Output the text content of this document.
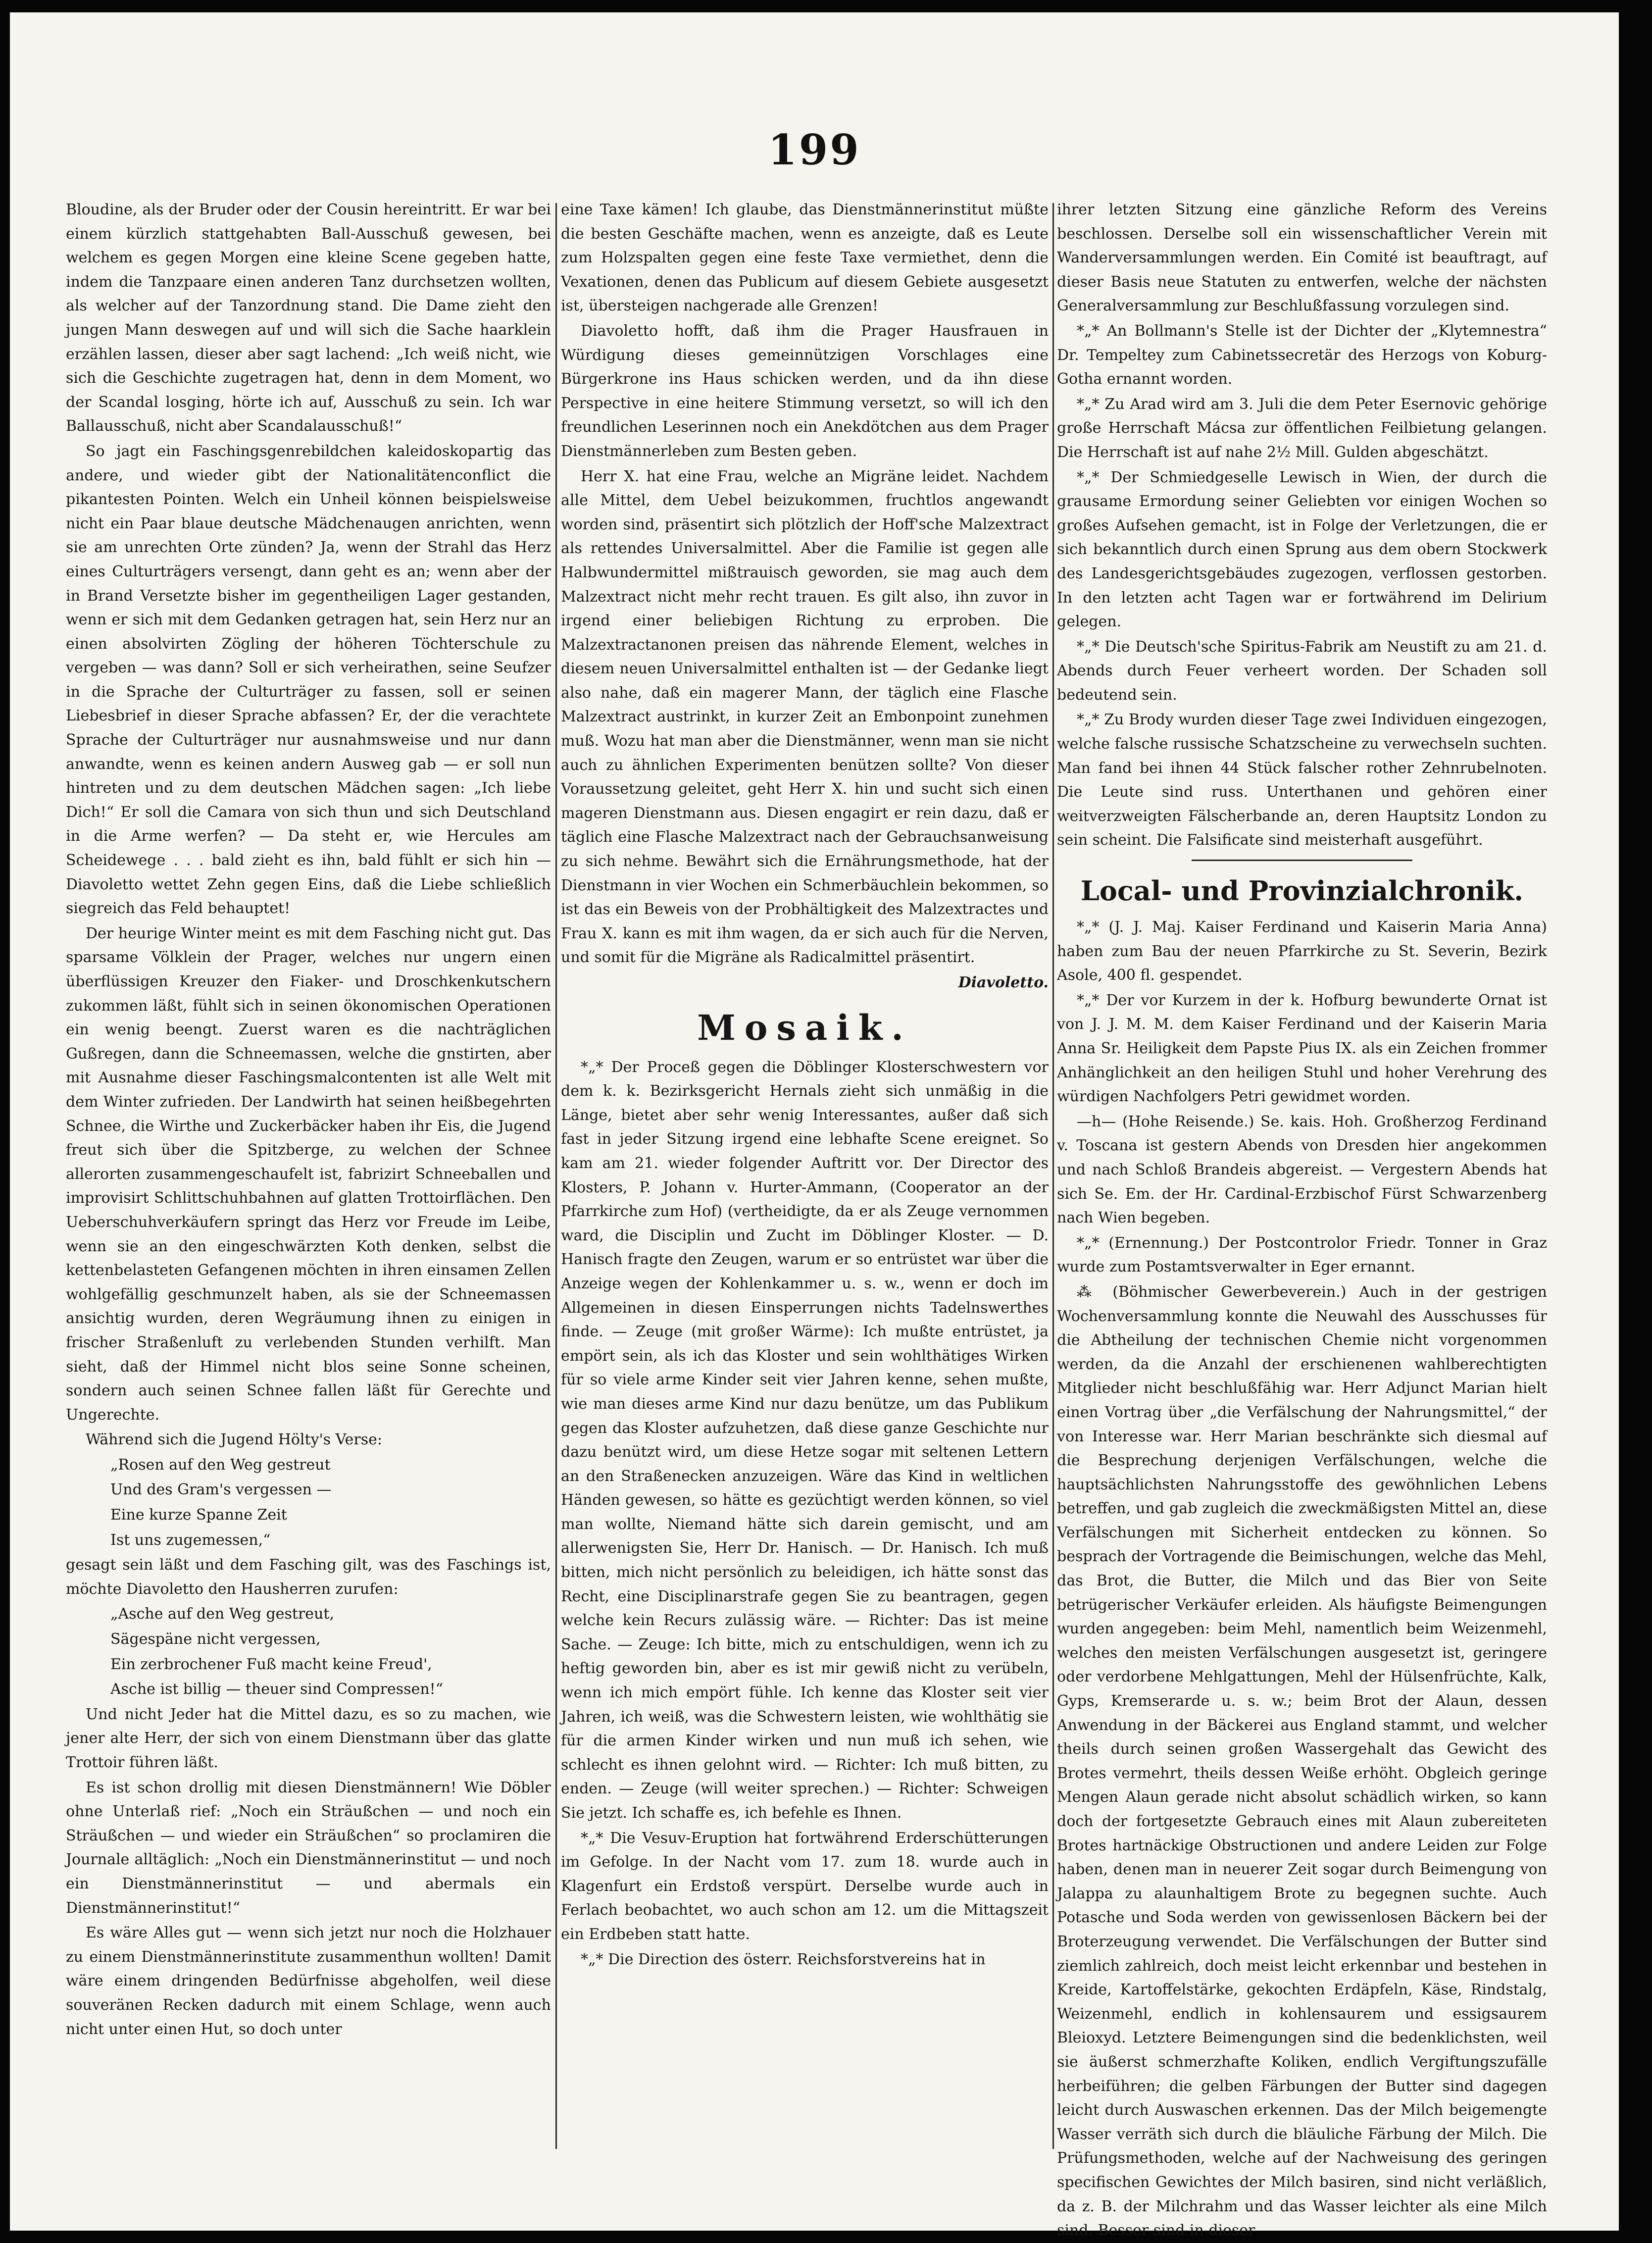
199

Bloudine, als der Bruder oder der Cousin hereintritt. Er war bei einem kürzlich stattgehabten Ball-Ausschuß gewesen, bei welchem es gegen Morgen eine kleine Scene gegeben hatte, indem die Tanzpaare einen anderen Tanz durchsetzen wollten, als welcher auf der Tanzordnung stand. Die Dame zieht den jungen Mann deswegen auf und will sich die Sache haarklein erzählen lassen, dieser aber sagt lachend: „Ich weiß nicht, wie sich die Geschichte zugetragen hat, denn in dem Moment, wo der Scandal losging, hörte ich auf, Ausschuß zu sein. Ich war Ballausschuß, nicht aber Scandalausschuß!“

So jagt ein Faschingsgenrebildchen kaleidoskopartig das andere, und wieder gibt der Nationalitätenconflict die pikantesten Pointen. Welch ein Unheil können beispielsweise nicht ein Paar blaue deutsche Mädchenaugen anrichten, wenn sie am unrechten Orte zünden? Ja, wenn der Strahl das Herz eines Culturträgers versengt, dann geht es an; wenn aber der in Brand Versetzte bisher im gegentheiligen Lager gestanden, wenn er sich mit dem Gedanken getragen hat, sein Herz nur an einen absolvirten Zögling der höheren Töchterschule zu vergeben — was dann? Soll er sich verheirathen, seine Seufzer in die Sprache der Culturträger zu fassen, soll er seinen Liebesbrief in dieser Sprache abfassen? Er, der die verachtete Sprache der Culturträger nur ausnahmsweise und nur dann anwandte, wenn es keinen andern Ausweg gab — er soll nun hintreten und zu dem deutschen Mädchen sagen: „Ich liebe Dich!“ Er soll die Camara von sich thun und sich Deutschland in die Arme werfen? — Da steht er, wie Hercules am Scheidewege . . . bald zieht es ihn, bald fühlt er sich hin — Diavoletto wettet Zehn gegen Eins, daß die Liebe schließlich siegreich das Feld behauptet!

Der heurige Winter meint es mit dem Fasching nicht gut. Das sparsame Völklein der Prager, welches nur ungern einen überflüssigen Kreuzer den Fiaker- und Droschkenkutschern zukommen läßt, fühlt sich in seinen ökonomischen Operationen ein wenig beengt. Zuerst waren es die nachträglichen Gußregen, dann die Schneemassen, welche die gnstirten, aber mit Ausnahme dieser Faschingsmalcontenten ist alle Welt mit dem Winter zufrieden. Der Landwirth hat seinen heißbegehrten Schnee, die Wirthe und Zuckerbäcker haben ihr Eis, die Jugend freut sich über die Spitzberge, zu welchen der Schnee allerorten zusammengeschaufelt ist, fabrizirt Schneeballen und improvisirt Schlittschuhbahnen auf glatten Trottoirflächen. Den Ueberschuhverkäufern springt das Herz vor Freude im Leibe, wenn sie an den eingeschwärzten Koth denken, selbst die kettenbelasteten Gefangenen möchten in ihren einsamen Zellen wohlgefällig geschmunzelt haben, als sie der Schneemassen ansichtig wurden, deren Wegräumung ihnen zu einigen in frischer Straßenluft zu verlebenden Stunden verhilft. Man sieht, daß der Himmel nicht blos seine Sonne scheinen, sondern auch seinen Schnee fallen läßt für Gerechte und Ungerechte.

Während sich die Jugend Hölty's Verse:

„Rosen auf den Weg gestreut

Und des Gram's vergessen —

Eine kurze Spanne Zeit

Ist uns zugemessen,“

gesagt sein läßt und dem Fasching gilt, was des Faschings ist, möchte Diavoletto den Hausherren zurufen:

„Asche auf den Weg gestreut,

Sägespäne nicht vergessen,

Ein zerbrochener Fuß macht keine Freud',

Asche ist billig — theuer sind Compressen!“

Und nicht Jeder hat die Mittel dazu, es so zu machen, wie jener alte Herr, der sich von einem Dienstmann über das glatte Trottoir führen läßt.

Es ist schon drollig mit diesen Dienstmännern! Wie Döbler ohne Unterlaß rief: „Noch ein Sträußchen — und noch ein Sträußchen — und wieder ein Sträußchen“ so proclamiren die Journale alltäglich: „Noch ein Dienstmännerinstitut — und noch ein Dienstmännerinstitut — und abermals ein Dienstmännerinstitut!“

Es wäre Alles gut — wenn sich jetzt nur noch die Holzhauer zu einem Dienstmännerinstitute zusammenthun wollten! Damit wäre einem dringenden Bedürfnisse abgeholfen, weil diese souveränen Recken dadurch mit einem Schlage, wenn auch nicht unter einen Hut, so doch unter

eine Taxe kämen! Ich glaube, das Dienstmännerinstitut müßte die besten Geschäfte machen, wenn es anzeigte, daß es Leute zum Holzspalten gegen eine feste Taxe vermiethet, denn die Vexationen, denen das Publicum auf diesem Gebiete ausgesetzt ist, übersteigen nachgerade alle Grenzen!

Diavoletto hofft, daß ihm die Prager Hausfrauen in Würdigung dieses gemeinnützigen Vorschlages eine Bürgerkrone ins Haus schicken werden, und da ihn diese Perspective in eine heitere Stimmung versetzt, so will ich den freundlichen Leserinnen noch ein Anekdötchen aus dem Prager Dienstmännerleben zum Besten geben.

Herr X. hat eine Frau, welche an Migräne leidet. Nachdem alle Mittel, dem Uebel beizukommen, fruchtlos angewandt worden sind, präsentirt sich plötzlich der Hoff'sche Malzextract als rettendes Universalmittel. Aber die Familie ist gegen alle Halbwundermittel mißtrauisch geworden, sie mag auch dem Malzextract nicht mehr recht trauen. Es gilt also, ihn zuvor in irgend einer beliebigen Richtung zu erproben. Die Malzextractanonen preisen das nährende Element, welches in diesem neuen Universalmittel enthalten ist — der Gedanke liegt also nahe, daß ein magerer Mann, der täglich eine Flasche Malzextract austrinkt, in kurzer Zeit an Embonpoint zunehmen muß. Wozu hat man aber die Dienstmänner, wenn man sie nicht auch zu ähnlichen Experimenten benützen sollte? Von dieser Voraussetzung geleitet, geht Herr X. hin und sucht sich einen mageren Dienstmann aus. Diesen engagirt er rein dazu, daß er täglich eine Flasche Malzextract nach der Gebrauchsanweisung zu sich nehme. Bewährt sich die Ernährungsmethode, hat der Dienstmann in vier Wochen ein Schmerbäuchlein bekommen, so ist das ein Beweis von der Probhältigkeit des Malzextractes und Frau X. kann es mit ihm wagen, da er sich auch für die Nerven, und somit für die Migräne als Radicalmittel präsentirt.

Diavoletto.

Mosaik.

*„* Der Proceß gegen die Döblinger Klosterschwestern vor dem k. k. Bezirksgericht Hernals zieht sich unmäßig in die Länge, bietet aber sehr wenig Interessantes, außer daß sich fast in jeder Sitzung irgend eine lebhafte Scene ereignet. So kam am 21. wieder folgender Auftritt vor. Der Director des Klosters, P. Johann v. Hurter-Ammann, (Cooperator an der Pfarrkirche zum Hof) (vertheidigte, da er als Zeuge vernommen ward, die Disciplin und Zucht im Döblinger Kloster. — D. Hanisch fragte den Zeugen, warum er so entrüstet war über die Anzeige wegen der Kohlenkammer u. s. w., wenn er doch im Allgemeinen in diesen Einsperrungen nichts Tadelnswerthes finde. — Zeuge (mit großer Wärme): Ich mußte entrüstet, ja empört sein, als ich das Kloster und sein wohlthätiges Wirken für so viele arme Kinder seit vier Jahren kenne, sehen mußte, wie man dieses arme Kind nur dazu benütze, um das Publikum gegen das Kloster aufzuhetzen, daß diese ganze Geschichte nur dazu benützt wird, um diese Hetze sogar mit seltenen Lettern an den Straßenecken anzuzeigen. Wäre das Kind in weltlichen Händen gewesen, so hätte es gezüchtigt werden können, so viel man wollte, Niemand hätte sich darein gemischt, und am allerwenigsten Sie, Herr Dr. Hanisch. — Dr. Hanisch. Ich muß bitten, mich nicht persönlich zu beleidigen, ich hätte sonst das Recht, eine Disciplinarstrafe gegen Sie zu beantragen, gegen welche kein Recurs zulässig wäre. — Richter: Das ist meine Sache. — Zeuge: Ich bitte, mich zu entschuldigen, wenn ich zu heftig geworden bin, aber es ist mir gewiß nicht zu verübeln, wenn ich mich empört fühle. Ich kenne das Kloster seit vier Jahren, ich weiß, was die Schwestern leisten, wie wohlthätig sie für die armen Kinder wirken und nun muß ich sehen, wie schlecht es ihnen gelohnt wird. — Richter: Ich muß bitten, zu enden. — Zeuge (will weiter sprechen.) — Richter: Schweigen Sie jetzt. Ich schaffe es, ich befehle es Ihnen.

*„* Die Vesuv-Eruption hat fortwährend Erderschütterungen im Gefolge. In der Nacht vom 17. zum 18. wurde auch in Klagenfurt ein Erdstoß verspürt. Derselbe wurde auch in Ferlach beobachtet, wo auch schon am 12. um die Mittagszeit ein Erdbeben statt hatte.

*„* Die Direction des österr. Reichsforstvereins hat in

ihrer letzten Sitzung eine gänzliche Reform des Vereins beschlossen. Derselbe soll ein wissenschaftlicher Verein mit Wanderversammlungen werden. Ein Comité ist beauftragt, auf dieser Basis neue Statuten zu entwerfen, welche der nächsten Generalversammlung zur Beschlußfassung vorzulegen sind.

*„* An Bollmann's Stelle ist der Dichter der „Klytemnestra“ Dr. Tempeltey zum Cabinetssecretär des Herzogs von Koburg-Gotha ernannt worden.

*„* Zu Arad wird am 3. Juli die dem Peter Esernovic gehörige große Herrschaft Mácsa zur öffentlichen Feilbietung gelangen. Die Herrschaft ist auf nahe 2½ Mill. Gulden abgeschätzt.

*„* Der Schmiedgeselle Lewisch in Wien, der durch die grausame Ermordung seiner Geliebten vor einigen Wochen so großes Aufsehen gemacht, ist in Folge der Verletzungen, die er sich bekanntlich durch einen Sprung aus dem obern Stockwerk des Landesgerichtsgebäudes zugezogen, verflossen gestorben. In den letzten acht Tagen war er fortwährend im Delirium gelegen.

*„* Die Deutsch'sche Spiritus-Fabrik am Neustift zu am 21. d. Abends durch Feuer verheert worden. Der Schaden soll bedeutend sein.

*„* Zu Brody wurden dieser Tage zwei Individuen eingezogen, welche falsche russische Schatzscheine zu verwechseln suchten. Man fand bei ihnen 44 Stück falscher rother Zehnrubelnoten. Die Leute sind russ. Unterthanen und gehören einer weitverzweigten Fälscherbande an, deren Hauptsitz London zu sein scheint. Die Falsificate sind meisterhaft ausgeführt.

Local- und Provinzialchronik.

*„* (J. J. Maj. Kaiser Ferdinand und Kaiserin Maria Anna) haben zum Bau der neuen Pfarrkirche zu St. Severin, Bezirk Asole, 400 fl. gespendet.

*„* Der vor Kurzem in der k. Hofburg bewunderte Ornat ist von J. J. M. M. dem Kaiser Ferdinand und der Kaiserin Maria Anna Sr. Heiligkeit dem Papste Pius IX. als ein Zeichen frommer Anhänglichkeit an den heiligen Stuhl und hoher Verehrung des würdigen Nachfolgers Petri gewidmet worden.

—h— (Hohe Reisende.) Se. kais. Hoh. Großherzog Ferdinand v. Toscana ist gestern Abends von Dresden hier angekommen und nach Schloß Brandeis abgereist. — Vergestern Abends hat sich Se. Em. der Hr. Cardinal-Erzbischof Fürst Schwarzenberg nach Wien begeben.

*„* (Ernennung.) Der Postcontrolor Friedr. Tonner in Graz wurde zum Postamtsverwalter in Eger ernannt.

⁂ (Böhmischer Gewerbeverein.) Auch in der gestrigen Wochenversammlung konnte die Neuwahl des Ausschusses für die Abtheilung der technischen Chemie nicht vorgenommen werden, da die Anzahl der erschienenen wahlberechtigten Mitglieder nicht beschlußfähig war. Herr Adjunct Marian hielt einen Vortrag über „die Verfälschung der Nahrungsmittel,“ der von Interesse war. Herr Marian beschränkte sich diesmal auf die Besprechung derjenigen Verfälschungen, welche die hauptsächlichsten Nahrungsstoffe des gewöhnlichen Lebens betreffen, und gab zugleich die zweckmäßigsten Mittel an, diese Verfälschungen mit Sicherheit entdecken zu können. So besprach der Vortragende die Beimischungen, welche das Mehl, das Brot, die Butter, die Milch und das Bier von Seite betrügerischer Verkäufer erleiden. Als häufigste Beimengungen wurden angegeben: beim Mehl, namentlich beim Weizenmehl, welches den meisten Verfälschungen ausgesetzt ist, geringere oder verdorbene Mehlgattungen, Mehl der Hülsenfrüchte, Kalk, Gyps, Kremserarde u. s. w.; beim Brot der Alaun, dessen Anwendung in der Bäckerei aus England stammt, und welcher theils durch seinen großen Wassergehalt das Gewicht des Brotes vermehrt, theils dessen Weiße erhöht. Obgleich geringe Mengen Alaun gerade nicht absolut schädlich wirken, so kann doch der fortgesetzte Gebrauch eines mit Alaun zubereiteten Brotes hartnäckige Obstructionen und andere Leiden zur Folge haben, denen man in neuerer Zeit sogar durch Beimengung von Jalappa zu alaunhaltigem Brote zu begegnen suchte. Auch Potasche und Soda werden von gewissenlosen Bäckern bei der Broterzeugung verwendet. Die Verfälschungen der Butter sind ziemlich zahlreich, doch meist leicht erkennbar und bestehen in Kreide, Kartoffelstärke, gekochten Erdäpfeln, Käse, Rindstalg, Weizenmehl, endlich in kohlensaurem und essigsaurem Bleioxyd. Letztere Beimengungen sind die bedenklichsten, weil sie äußerst schmerzhafte Koliken, endlich Vergiftungszufälle herbeiführen; die gelben Färbungen der Butter sind dagegen leicht durch Auswaschen erkennen. Das der Milch beigemengte Wasser verräth sich durch die bläuliche Färbung der Milch. Die Prüfungsmethoden, welche auf der Nachweisung des geringen specifischen Gewichtes der Milch basiren, sind nicht verläßlich, da z. B. der Milchrahm und das Wasser leichter als eine Milch sind. Besser sind in dieser
